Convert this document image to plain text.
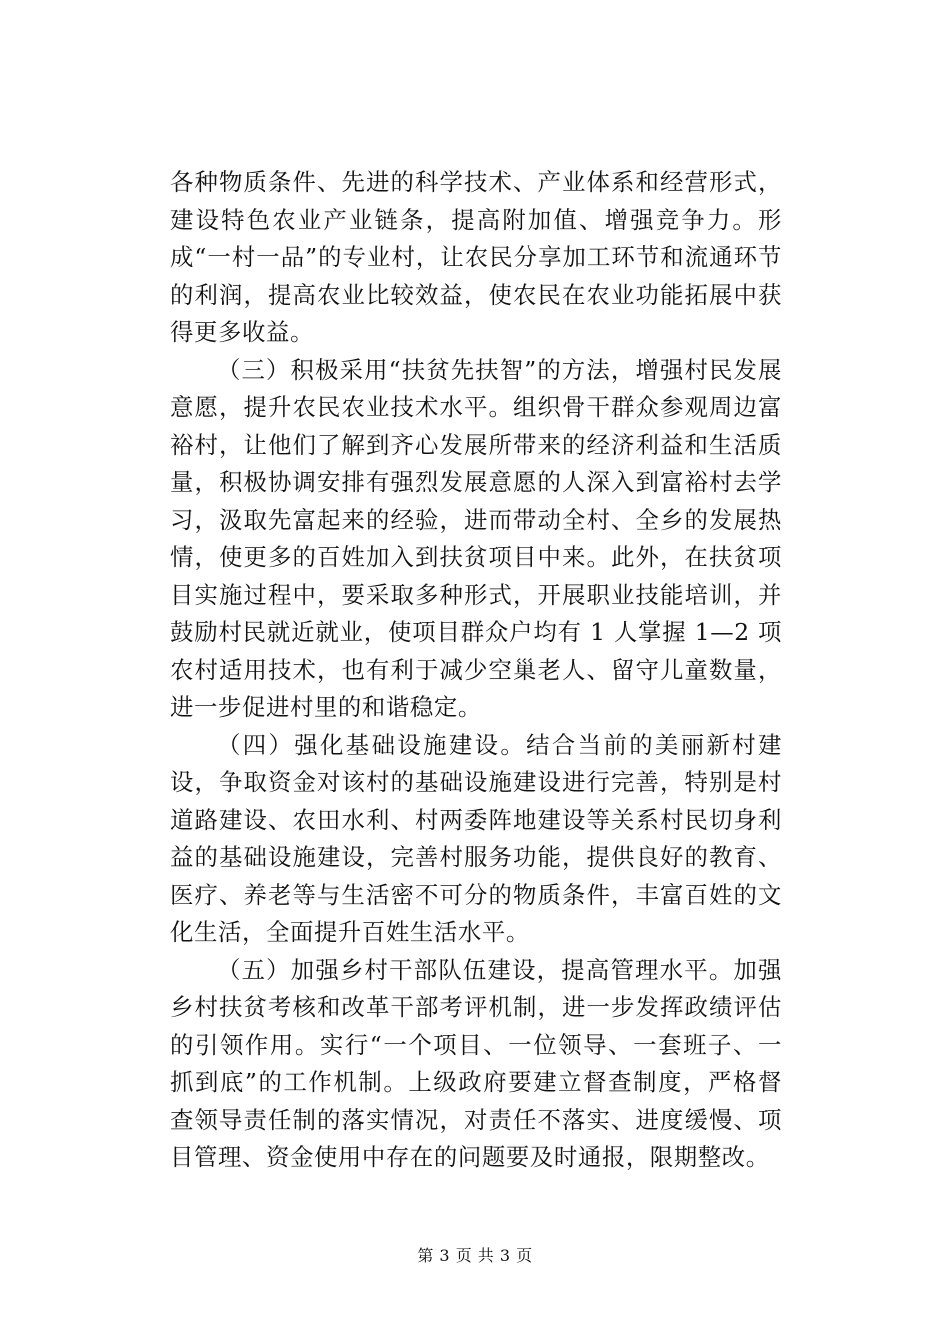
各种物质条件、先进的科学技术、产业体系和经营形式，建设特色农业产业链条，提高附加值、增强竞争力。形成“一村一品”的专业村，让农民分享加工环节和流通环节的利润，提高农业比较效益，使农民在农业功能拓展中获得更多收益。

（三）积极采用“扶贫先扶智”的方法，增强村民发展意愿，提升农民农业技术水平。组织骨干群众参观周边富裕村，让他们了解到齐心发展所带来的经济利益和生活质量，积极协调安排有强烈发展意愿的人深入到富裕村去学习，汲取先富起来的经验，进而带动全村、全乡的发展热情，使更多的百姓加入到扶贫项目中来。此外，在扶贫项目实施过程中，要采取多种形式，开展职业技能培训，并鼓励村民就近就业，使项目群众户均有 1 人掌握 1—2 项农村适用技术，也有利于减少空巢老人、留守儿童数量，进一步促进村里的和谐稳定。

（四）强化基础设施建设。结合当前的美丽新村建设，争取资金对该村的基础设施建设进行完善，特别是村道路建设、农田水利、村两委阵地建设等关系村民切身利益的基础设施建设，完善村服务功能，提供良好的教育、医疗、养老等与生活密不可分的物质条件，丰富百姓的文化生活，全面提升百姓生活水平。

（五）加强乡村干部队伍建设，提高管理水平。加强乡村扶贫考核和改革干部考评机制，进一步发挥政绩评估的引领作用。实行“一个项目、一位领导、一套班子、一抓到底”的工作机制。上级政府要建立督查制度，严格督查领导责任制的落实情况，对责任不落实、进度缓慢、项目管理、资金使用中存在的问题要及时通报，限期整改。

第 3 页 共 3 页
